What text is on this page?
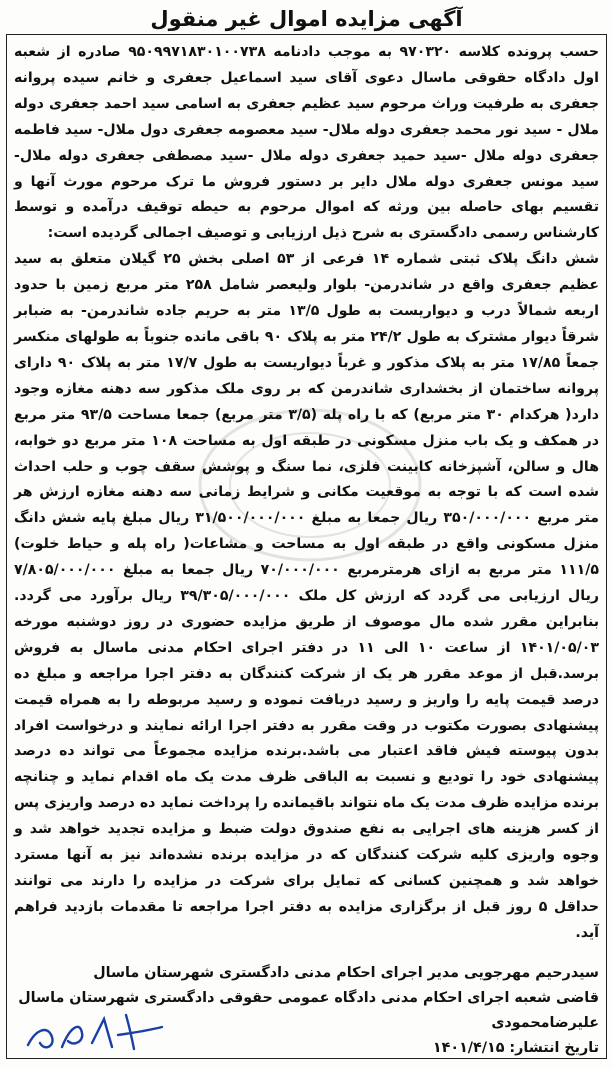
آگهی مزایده اموال غیر منقول

حسب پرونده کلاسه ۹۷۰۳۲۰ به موجب دادنامه ۹۵۰۹۹۷۱۸۳۰۱۰۰۷۳۸ صادره از شعبه اول دادگاه حقوقی ماسال دعوی آقای سید اسماعیل جعفری و خانم سیده پروانه جعفری به طرفیت وراث مرحوم سید عظیم جعفری به اسامی سید احمد جعفری دوله ملال - سید نور محمد جعفری دوله ملال- سید معصومه جعفری دول ملال- سید فاطمه جعفری دوله ملال -سید حمید جعفری دوله ملال -سید مصطفی جعفری دوله ملال- سید مونس جعفری دوله ملال دایر بر دستور فروش ما ترک مرحوم مورث آنها و تقسیم بهای حاصله بین ورثه که اموال مرحوم به حیطه توقیف درآمده و توسط کارشناس رسمی دادگستری به شرح ذیل ارزیابی و توصیف اجمالی گردیده است:

شش دانگ پلاک ثبتی شماره ۱۴ فرعی از ۵۳ اصلی بخش ۲۵ گیلان متعلق به سید عظیم جعفری واقع در شاندرمن- بلوار ولیعصر شامل ۲۵۸ متر مربع زمین با حدود اربعه شمالاً درب و دیواریست به طول ۱۳/۵ متر به حریم جاده شاندرمن- به ضبابر شرقاً دیوار مشترک به طول ۲۴/۲ متر به پلاک ۹۰ باقی مانده جنوباً به طولهای منکسر جمعاً ۱۷/۸۵ متر به پلاک مذکور و غرباً دیواریست به طول ۱۷/۷ متر به پلاک ۹۰ دارای پروانه ساختمان از بخشداری شاندرمن که بر روی ملک مذکور سه دهنه مغازه وجود دارد( هرکدام ۳۰ متر مربع) که با راه پله (۳/۵ متر مربع) جمعا مساحت ۹۳/۵ متر مربع در همکف و یک باب منزل مسکونی در طبقه اول به مساحت ۱۰۸ متر مربع دو خوابه، هال و سالن، آشپزخانه کابینت فلزی، نما سنگ و پوشش سقف چوب و حلب احداث شده است که با توجه به موقعیت مکانی و شرایط زمانی سه دهنه مغازه ارزش هر متر مربع ۳۵۰/۰۰۰/۰۰۰ ریال جمعا به مبلغ ۳۱/۵۰۰/۰۰۰/۰۰۰ ریال مبلغ پایه شش دانگ منزل مسکونی واقع در طبقه اول به مساحت و مشاعات( راه پله و حیاط خلوت) ۱۱۱/۵ متر مربع به ازای هرمترمربع ۷۰/۰۰۰/۰۰۰ ریال جمعا به مبلغ ۷/۸۰۵/۰۰۰/۰۰۰ ریال ارزیابی می گردد که ارزش کل ملک ۳۹/۳۰۵/۰۰۰/۰۰۰ ریال برآورد می گردد. بنابراین مقرر شده مال موصوف از طریق مزایده حضوری در روز دوشنبه مورخه ۱۴۰۱/۰۵/۰۳ از ساعت ۱۰ الی ۱۱ در دفتر اجرای احکام مدنی ماسال به فروش برسد.قبل از موعد مقرر هر یک از شرکت کنندگان به دفتر اجرا مراجعه و مبلغ ده درصد قیمت پایه را واریز و رسید دریافت نموده و رسید مربوطه را به همراه قیمت پیشنهادی بصورت مکتوب در وقت مقرر به دفتر اجرا ارائه نمایند و درخواست افراد بدون پیوسته فیش فاقد اعتبار می باشد.برنده مزایده مجموعاً می تواند ده درصد پیشنهادی خود را تودیع و نسبت به الباقی ظرف مدت یک ماه اقدام نماید و چنانچه برنده مزایده ظرف مدت یک ماه نتواند باقیمانده را پرداخت نماید ده درصد واریزی پس از کسر هزینه های اجرایی به نفع صندوق دولت ضبط و مزایده تجدید خواهد شد و وجوه واریزی کلیه شرکت کنندگان که در مزایده برنده نشده‌اند نیز به آنها مسترد خواهد شد و همچنین کسانی که تمایل برای شرکت در مزایده را دارند می توانند حداقل ۵ روز قبل از برگزاری مزایده به دفتر اجرا مراجعه تا مقدمات بازدید فراهم آید.

سیدرحیم مهرجویی مدیر اجرای احکام مدنی دادگستری شهرستان ماسال
قاضی شعبه اجرای احکام مدنی دادگاه عمومی حقوقی دادگستری شهرستان ماسال
علیرضامحمودی
تاریخ انتشار: ۱۴۰۱/۴/۱۵
